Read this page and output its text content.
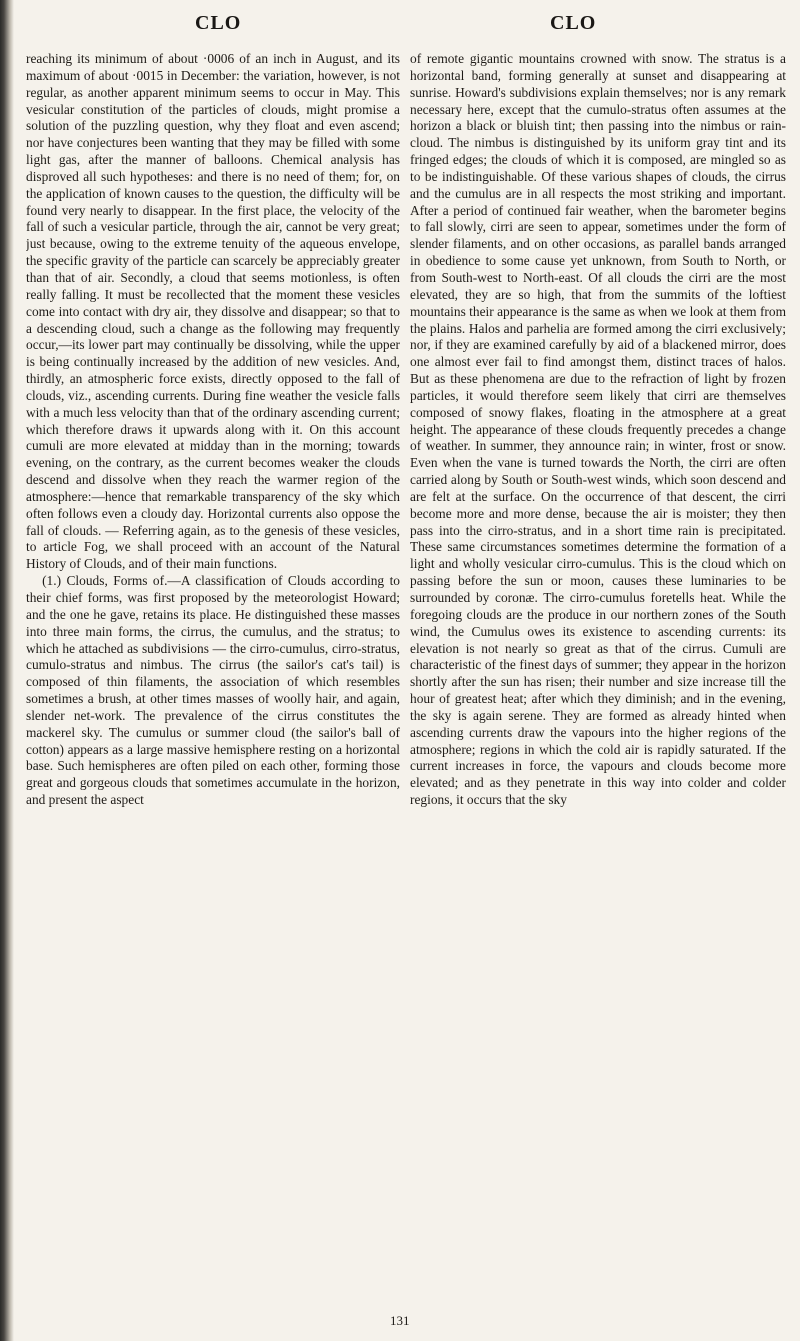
CLO	CLO

reaching its minimum of about ·0006 of an inch in August, and its maximum of about ·0015 in December: the variation, however, is not regular, as another apparent minimum seems to occur in May. This vesicular constitution of the particles of clouds, might promise a solution of the puzzling question, why they float and even ascend; nor have conjectures been wanting that they may be filled with some light gas, after the manner of balloons. Chemical analysis has disproved all such hypotheses: and there is no need of them; for, on the application of known causes to the question, the difficulty will be found very nearly to disappear. In the first place, the velocity of the fall of such a vesicular particle, through the air, cannot be very great; just because, owing to the extreme tenuity of the aqueous envelope, the specific gravity of the particle can scarcely be appreciably greater than that of air. Secondly, a cloud that seems motionless, is often really falling. It must be recollected that the moment these vesicles come into contact with dry air, they dissolve and disappear; so that to a descending cloud, such a change as the following may frequently occur,—its lower part may continually be dissolving, while the upper is being continually increased by the addition of new vesicles. And, thirdly, an atmospheric force exists, directly opposed to the fall of clouds, viz., ascending currents. During fine weather the vesicle falls with a much less velocity than that of the ordinary ascending current; which therefore draws it upwards along with it. On this account cumuli are more elevated at midday than in the morning; towards evening, on the contrary, as the current becomes weaker the clouds descend and dissolve when they reach the warmer region of the atmosphere:—hence that remarkable transparency of the sky which often follows even a cloudy day. Horizontal currents also oppose the fall of clouds. — Referring again, as to the genesis of these vesicles, to article Fog, we shall proceed with an account of the Natural History of Clouds, and of their main functions.

(1.) Clouds, Forms of.—A classification of Clouds according to their chief forms, was first proposed by the meteorologist Howard; and the one he gave, retains its place. He distinguished these masses into three main forms, the cirrus, the cumulus, and the stratus; to which he attached as subdivisions — the cirro-cumulus, cirro-stratus, cumulo-stratus and nimbus. The cirrus (the sailor's cat's tail) is composed of thin filaments, the association of which resembles sometimes a brush, at other times masses of woolly hair, and again, slender net-work. The prevalence of the cirrus constitutes the mackerel sky. The cumulus or summer cloud (the sailor's ball of cotton) appears as a large massive hemisphere resting on a horizontal base. Such hemispheres are often piled on each other, forming those great and gorgeous clouds that sometimes accumulate in the horizon, and present the aspect

of remote gigantic mountains crowned with snow. The stratus is a horizontal band, forming generally at sunset and disappearing at sunrise. Howard's subdivisions explain themselves; nor is any remark necessary here, except that the cumulo-stratus often assumes at the horizon a black or bluish tint; then passing into the nimbus or rain-cloud. The nimbus is distinguished by its uniform gray tint and its fringed edges; the clouds of which it is composed, are mingled so as to be indistinguishable. Of these various shapes of clouds, the cirrus and the cumulus are in all respects the most striking and important. After a period of continued fair weather, when the barometer begins to fall slowly, cirri are seen to appear, sometimes under the form of slender filaments, and on other occasions, as parallel bands arranged in obedience to some cause yet unknown, from South to North, or from South-west to North-east. Of all clouds the cirri are the most elevated, they are so high, that from the summits of the loftiest mountains their appearance is the same as when we look at them from the plains. Halos and parhelia are formed among the cirri exclusively; nor, if they are examined carefully by aid of a blackened mirror, does one almost ever fail to find amongst them, distinct traces of halos. But as these phenomena are due to the refraction of light by frozen particles, it would therefore seem likely that cirri are themselves composed of snowy flakes, floating in the atmosphere at a great height. The appearance of these clouds frequently precedes a change of weather. In summer, they announce rain; in winter, frost or snow. Even when the vane is turned towards the North, the cirri are often carried along by South or South-west winds, which soon descend and are felt at the surface. On the occurrence of that descent, the cirri become more and more dense, because the air is moister; they then pass into the cirro-stratus, and in a short time rain is precipitated. These same circumstances sometimes determine the formation of a light and wholly vesicular cirro-cumulus. This is the cloud which on passing before the sun or moon, causes these luminaries to be surrounded by coronæ. The cirro-cumulus foretells heat. While the foregoing clouds are the produce in our northern zones of the South wind, the Cumulus owes its existence to ascending currents: its elevation is not nearly so great as that of the cirrus. Cumuli are characteristic of the finest days of summer; they appear in the horizon shortly after the sun has risen; their number and size increase till the hour of greatest heat; after which they diminish; and in the evening, the sky is again serene. They are formed as already hinted when ascending currents draw the vapours into the higher regions of the atmosphere; regions in which the cold air is rapidly saturated. If the current increases in force, the vapours and clouds become more elevated; and as they penetrate in this way into colder and colder regions, it occurs that the sky

131
